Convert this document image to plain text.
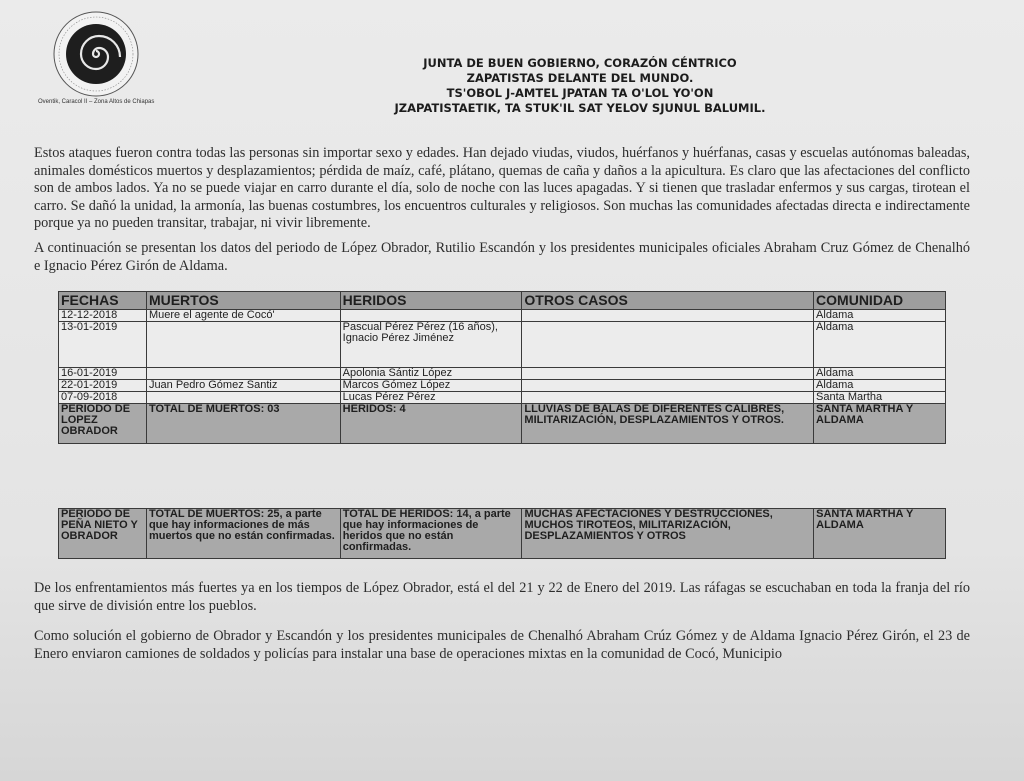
Oventik, Caracol II – Zona Altos de Chiapas
JUNTA DE BUEN GOBIERNO, CORAZÓN CÉNTRICO
ZAPATISTAS DELANTE DEL MUNDO.
TS'OBOL J-AMTEL JPATAN TA O'LOL YO'ON
JZAPATISTAETIK, TA STUK'IL SAT YELOV SJUNUL BALUMIL.
Estos ataques fueron contra todas las personas sin importar sexo y edades. Han dejado viudas, viudos, huérfanos y huérfanas, casas y escuelas autónomas baleadas, animales domésticos muertos y desplazamientos; pérdida de maíz, café, plátano, quemas de caña y daños a la apicultura. Es claro que las afectaciones del conflicto son de ambos lados. Ya no se puede viajar en carro durante el día, solo de noche con las luces apagadas. Y si tienen que trasladar enfermos y sus cargas, tirotean el carro. Se dañó la unidad, la armonía, las buenas costumbres, los encuentros culturales y religiosos. Son muchas las comunidades afectadas directa e indirectamente porque ya no pueden transitar, trabajar, ni vivir libremente.
A continuación se presentan los datos del periodo de López Obrador, Rutilio Escandón y los presidentes municipales oficiales Abraham Cruz Gómez de Chenalhó e Ignacio Pérez Girón de Aldama.
FECHAS	MUERTOS	HERIDOS	OTROS CASOS	COMUNIDAD
12-12-2018	Muere el agente de Cocó'			Aldama
13-01-2019		Pascual Pérez Pérez (16 años), Ignacio Pérez Jiménez		Aldama
16-01-2019		Apolonia Sántiz López		Aldama
22-01-2019	Juan Pedro Gómez Santiz	Marcos Gómez López		Aldama
07-09-2018		Lucas Pérez Pérez		Santa Martha
PERIODO DE LOPEZ OBRADOR	TOTAL DE MUERTOS: 03	HERIDOS: 4	LLUVIAS DE BALAS DE DIFERENTES CALIBRES, MILITARIZACIÓN, DESPLAZAMIENTOS Y OTROS.	SANTA MARTHA Y ALDAMA
PERIODO DE PEÑA NIETO Y OBRADOR	TOTAL DE MUERTOS: 25, a parte que hay informaciones de más muertos que no están confirmadas.	TOTAL DE HERIDOS: 14, a parte que hay informaciones de heridos que no están confirmadas.	MUCHAS AFECTACIONES Y DESTRUCCIONES, MUCHOS TIROTEOS, MILITARIZACIÓN, DESPLAZAMIENTOS Y OTROS	SANTA MARTHA Y ALDAMA
De los enfrentamientos más fuertes ya en los tiempos de López Obrador, está el del 21 y 22 de Enero del 2019. Las ráfagas se escuchaban en toda la franja del río que sirve de división entre los pueblos.
Como solución el gobierno de Obrador y Escandón y los presidentes municipales de Chenalhó Abraham Crúz Gómez y de Aldama Ignacio Pérez Girón, el 23 de Enero enviaron camiones de soldados y policías para instalar una base de operaciones mixtas en la comunidad de Cocó, Municipio
